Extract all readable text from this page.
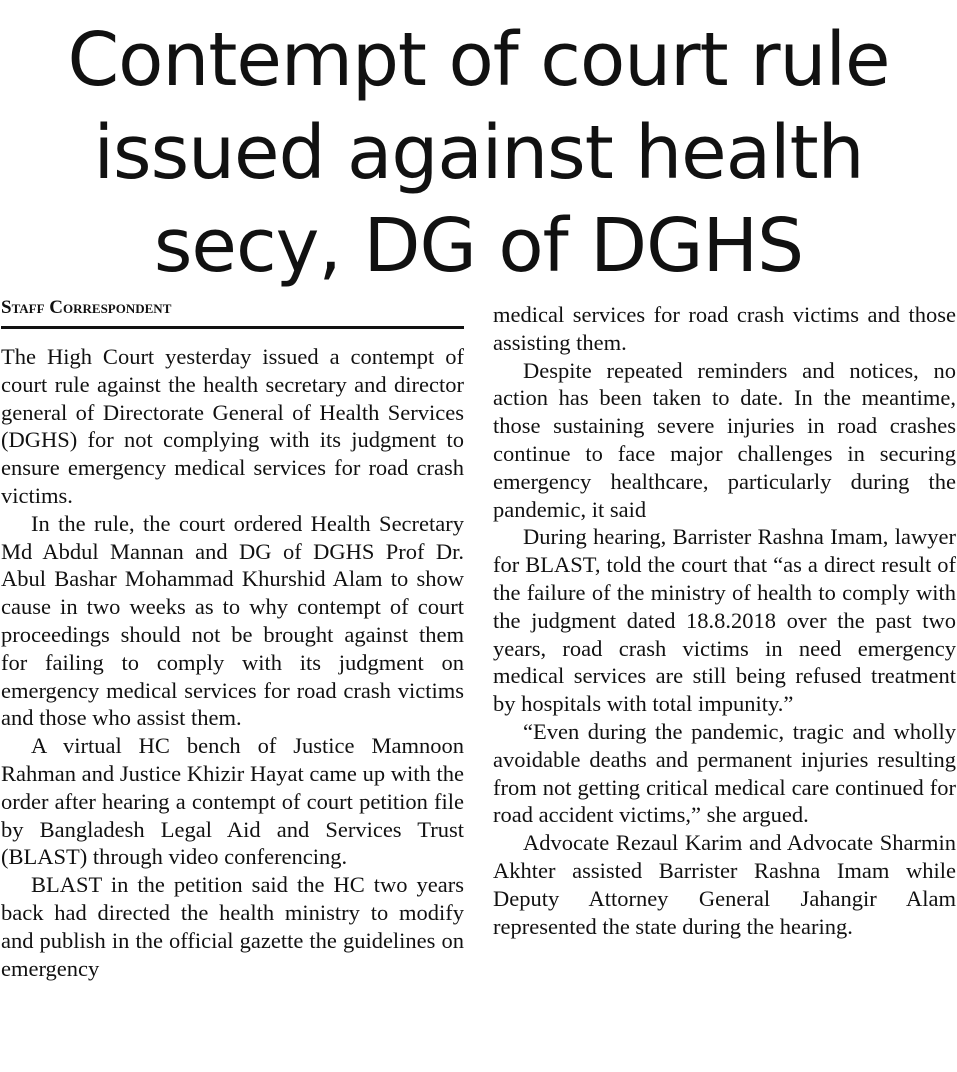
Contempt of court rule
issued against health
secy, DG of DGHS
Staff Correspondent

The High Court yesterday issued a contempt of court rule against the health secretary and director general of Directorate General of Health Services (DGHS) for not complying with its judgment to ensure emergency medical services for road crash victims.

In the rule, the court ordered Health Secretary Md Abdul Mannan and DG of DGHS Prof Dr. Abul Bashar Mohammad Khurshid Alam to show cause in two weeks as to why contempt of court proceedings should not be brought against them for failing to comply with its judgment on emergency medical services for road crash victims and those who assist them.

A virtual HC bench of Justice Mamnoon Rahman and Justice Khizir Hayat came up with the order after hearing a contempt of court petition file by Bangladesh Legal Aid and Services Trust (BLAST) through video conferencing.

BLAST in the petition said the HC two years back had directed the health ministry to modify and publish in the official gazette the guidelines on emergency

medical services for road crash victims and those assisting them.

Despite repeated reminders and notices, no action has been taken to date. In the meantime, those sustaining severe injuries in road crashes continue to face major challenges in securing emergency healthcare, particularly during the pandemic, it said

During hearing, Barrister Rashna Imam, lawyer for BLAST, told the court that “as a direct result of the failure of the ministry of health to comply with the judgment dated 18.8.2018 over the past two years, road crash victims in need emergency medical services are still being refused treatment by hospitals with total impunity.”

“Even during the pandemic, tragic and wholly avoidable deaths and permanent injuries resulting from not getting critical medical care continued for road accident victims,” she argued.

Advocate Rezaul Karim and Advocate Sharmin Akhter assisted Barrister Rashna Imam while Deputy Attorney General Jahangir Alam represented the state during the hearing.
